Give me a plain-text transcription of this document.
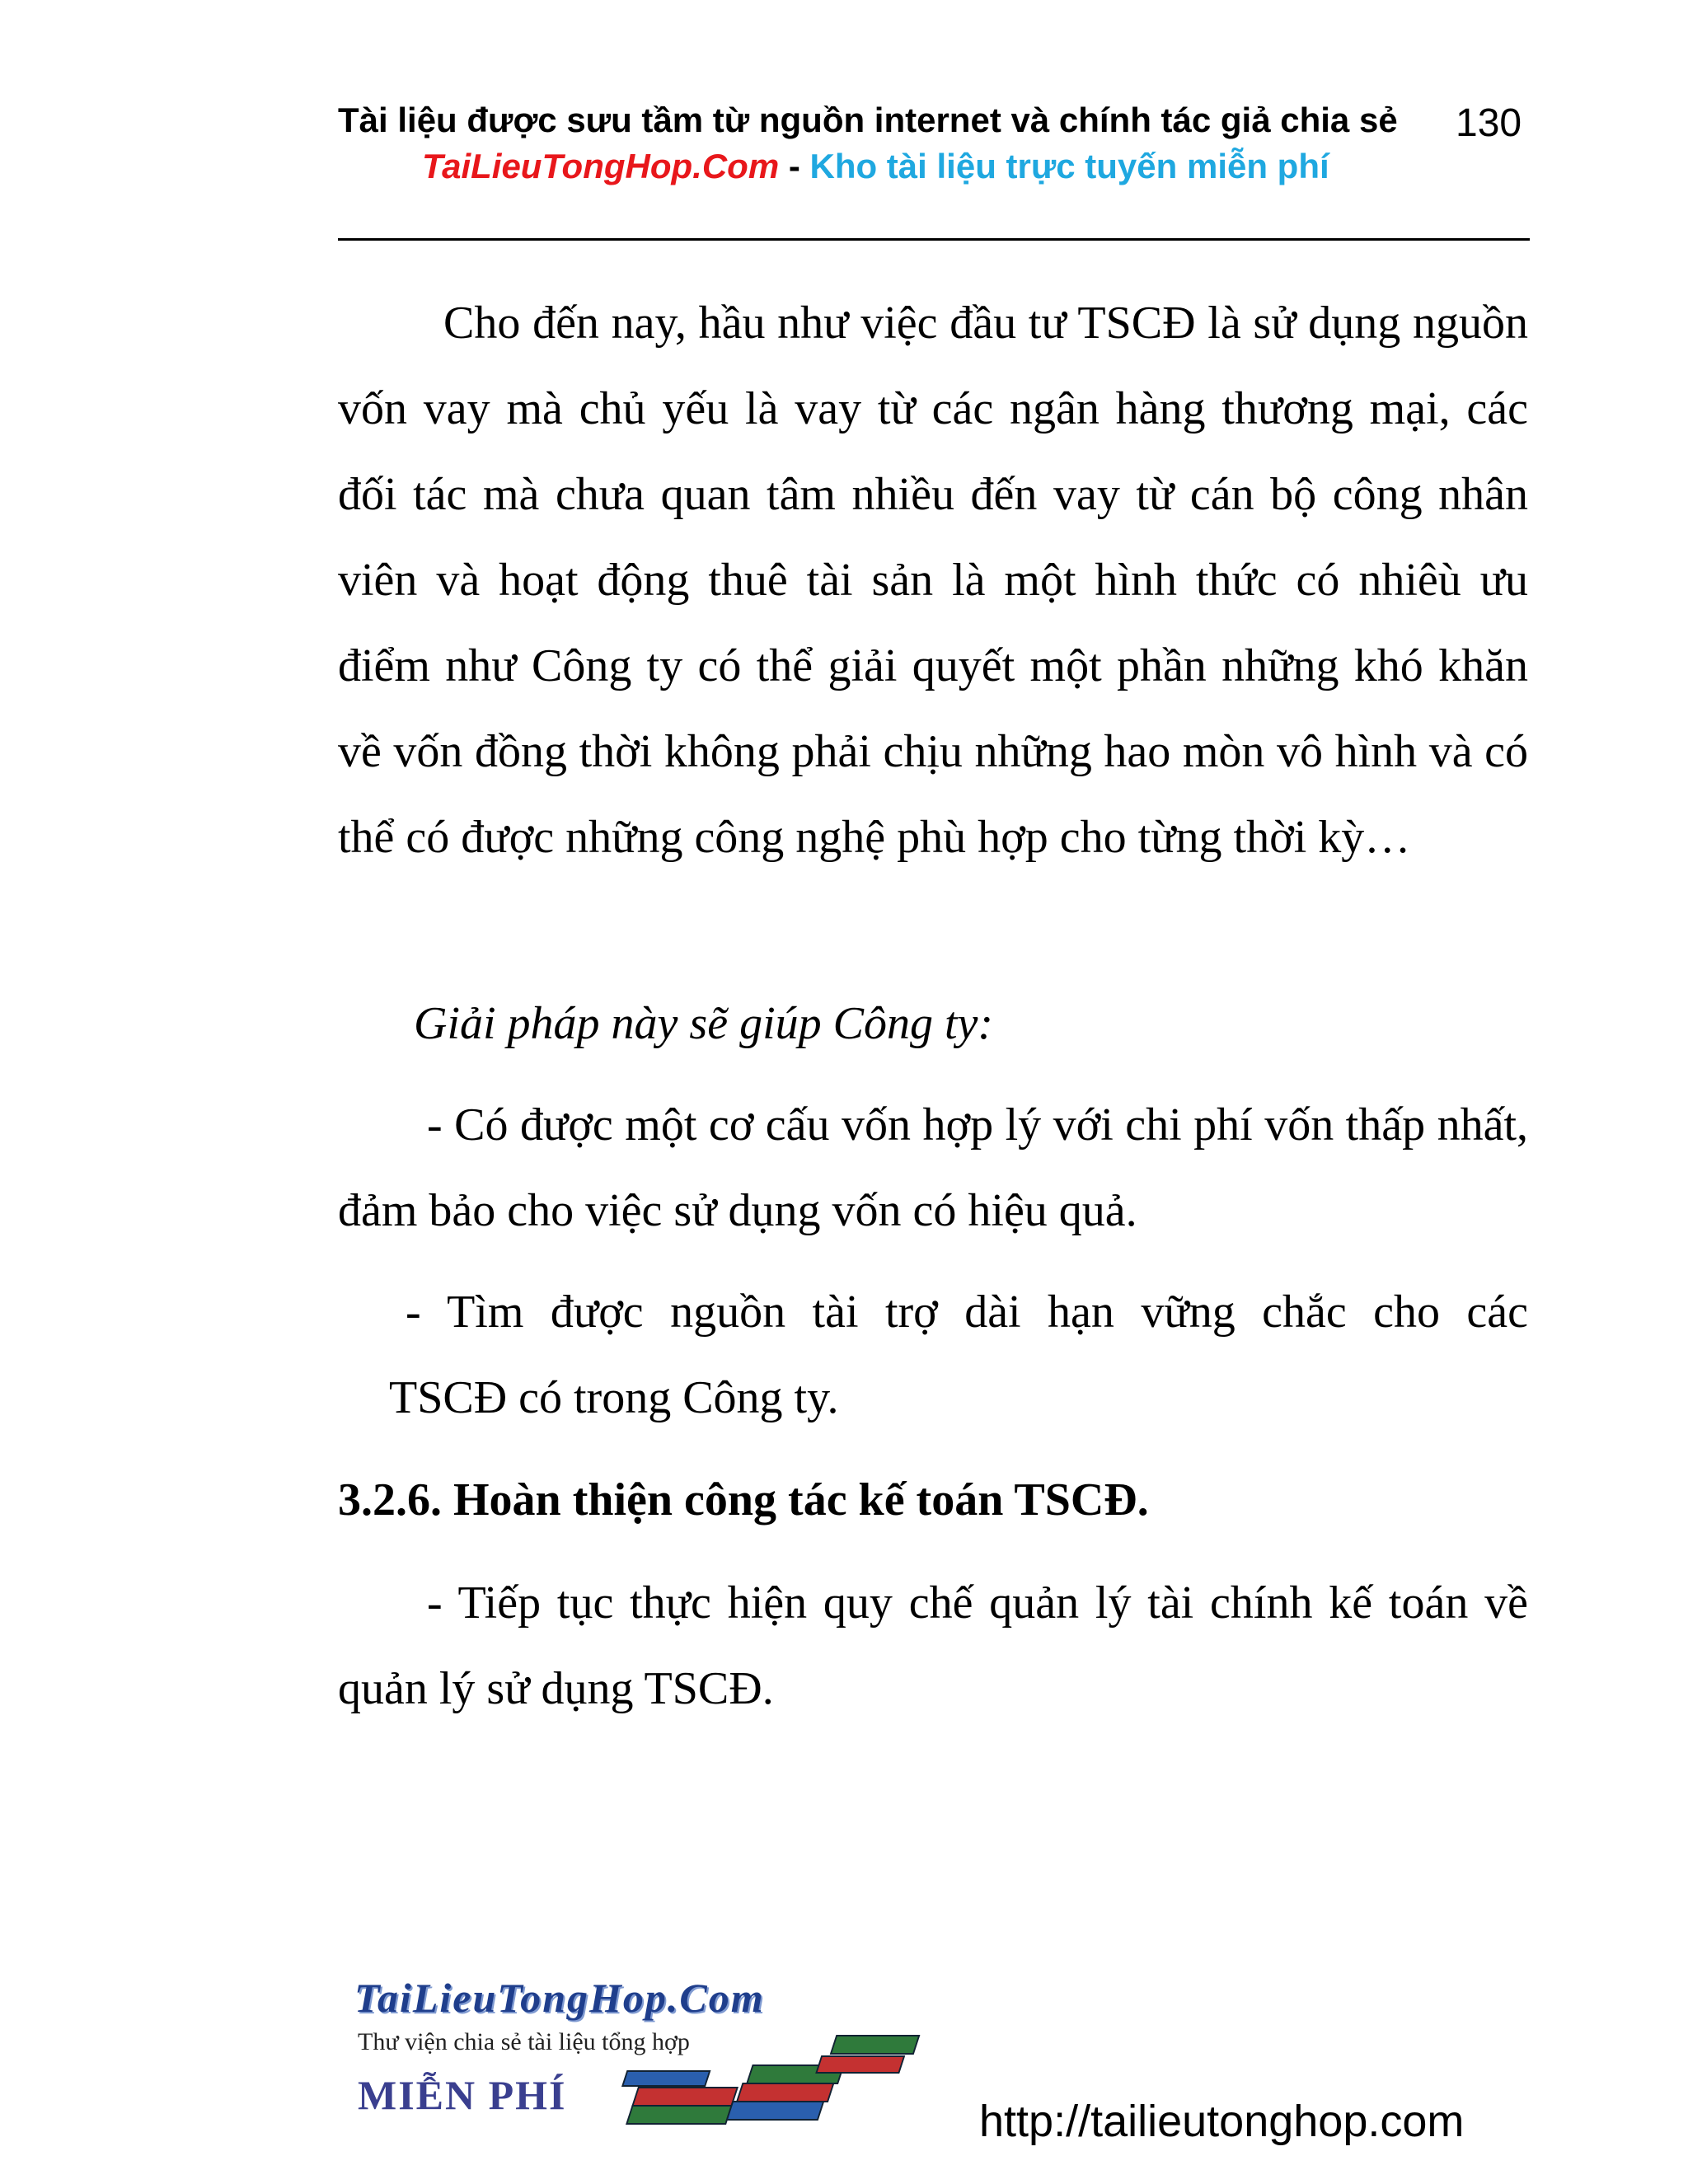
Tài liệu được sưu tầm từ nguồn internet và chính tác giả chia sẻ 130
TaiLieuTongHop.Com - Kho tài liệu trực tuyến miễn phí

Cho đến nay, hầu như việc đầu tư TSCĐ là sử dụng nguồn vốn vay mà chủ yếu là vay từ các ngân hàng thương mại, các đối tác mà chưa quan tâm nhiều đến vay từ cán bộ công nhân viên và hoạt động thuê tài sản là một hình thức có nhiêù ưu điểm như Công ty có thể giải quyết một phần những khó khăn về vốn đồng thời không phải chịu những hao mòn vô hình và có thể có được những công nghệ phù hợp cho từng thời kỳ…

Giải pháp này sẽ giúp Công ty:

- Có được một cơ cấu vốn hợp lý với chi phí vốn thấp nhất, đảm bảo cho việc sử dụng vốn có hiệu quả.

- Tìm được nguồn tài trợ dài hạn vững chắc cho các

TSCĐ có trong Công ty.

3.2.6. Hoàn thiện công tác kế toán TSCĐ.

- Tiếp tục thực hiện quy chế quản lý tài chính kế toán về quản lý sử dụng TSCĐ.

TaiLieuTongHop.Com
Thư viện chia sẻ tài liệu tổng hợp
MIỄN PHÍ
http://tailieutonghop.com
